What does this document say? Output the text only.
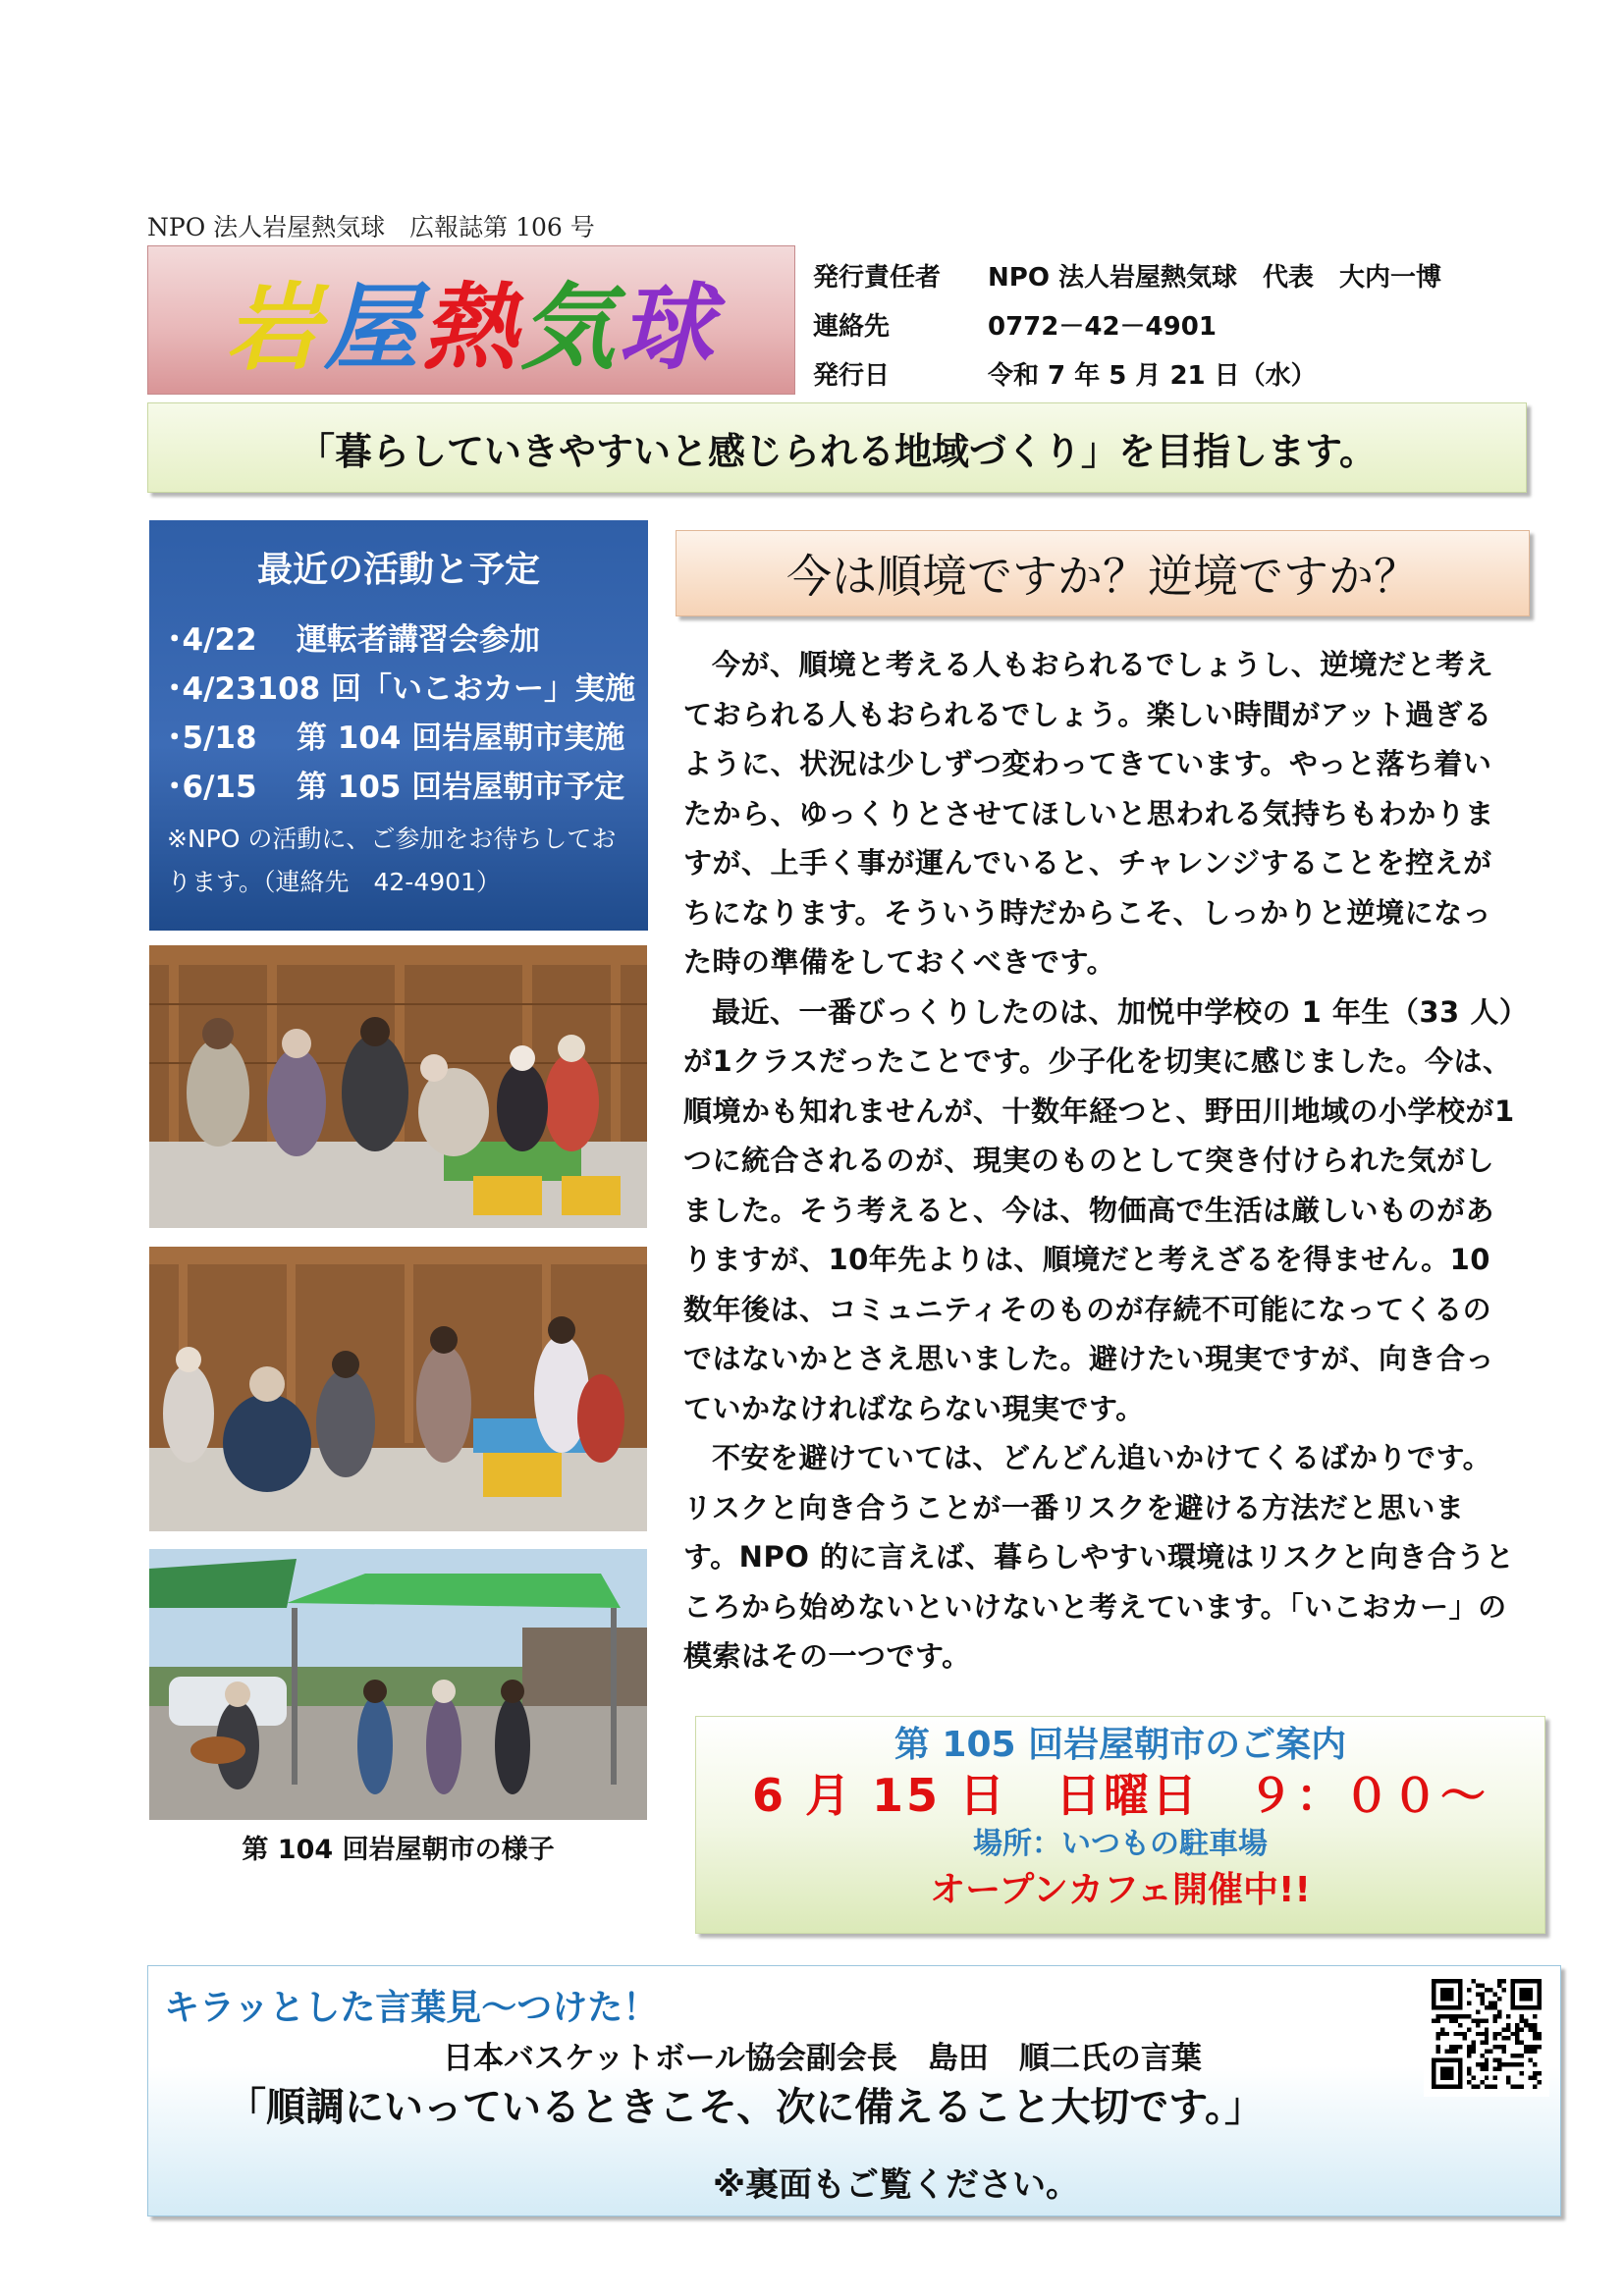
NPO 法人岩屋熱気球　広報誌第 106 号
岩屋熱気球	発行責任者	NPO 法人岩屋熱気球　代表　大内一博
連絡先	0772－42－4901
発行日	令和 7 年 5 月 21 日（水）
「暮らしていきやすいと感じられる地域づくり」を目指します。
最近の活動と予定
･4/22	運転者講習会参加
･4/23 108 回「いこおカー」実施
･5/18	第 104 回岩屋朝市実施
･6/15	第 105 回岩屋朝市予定
※NPO の活動に、ご参加をお待ちしております。（連絡先　42-4901）
第 104 回岩屋朝市の様子
今は順境ですか？逆境ですか？

今が、順境と考える人もおられるでしょうし、逆境だと考えておられる人もおられるでしょう。楽しい時間がアット過ぎるように、状況は少しずつ変わってきています。やっと落ち着いたから、ゆっくりとさせてほしいと思われる気持ちもわかりますが、上手く事が運んでいると、チャレンジすることを控えがちになります。そういう時だからこそ、しっかりと逆境になった時の準備をしておくべきです。

最近、一番びっくりしたのは、加悦中学校の 1 年生（33 人）が1クラスだったことです。少子化を切実に感じました。今は、順境かも知れませんが、十数年経つと、野田川地域の小学校が1つに統合されるのが、現実のものとして突き付けられた気がしました。そう考えると、今は、物価高で生活は厳しいものがありますが、10年先よりは、順境だと考えざるを得ません。10 数年後は、コミュニティそのものが存続不可能になってくるのではないかとさえ思いました。避けたい現実ですが、向き合っていかなければならない現実です。

不安を避けていては、どんどん追いかけてくるばかりです。リスクと向き合うことが一番リスクを避ける方法だと思います。NPO 的に言えば、暮らしやすい環境はリスクと向き合うところから始めないといけないと考えています。「いこおカー」の模索はその一つです。

第 105 回岩屋朝市のご案内
6 月 15 日　日曜日　９：００～
場所：いつもの駐車場
オープンカフェ開催中!!
キラッとした言葉見～つけた！
日本バスケットボール協会副会長　島田　順二氏の言葉
「順調にいっているときこそ、次に備えること大切です。」
※裏面もご覧ください。
